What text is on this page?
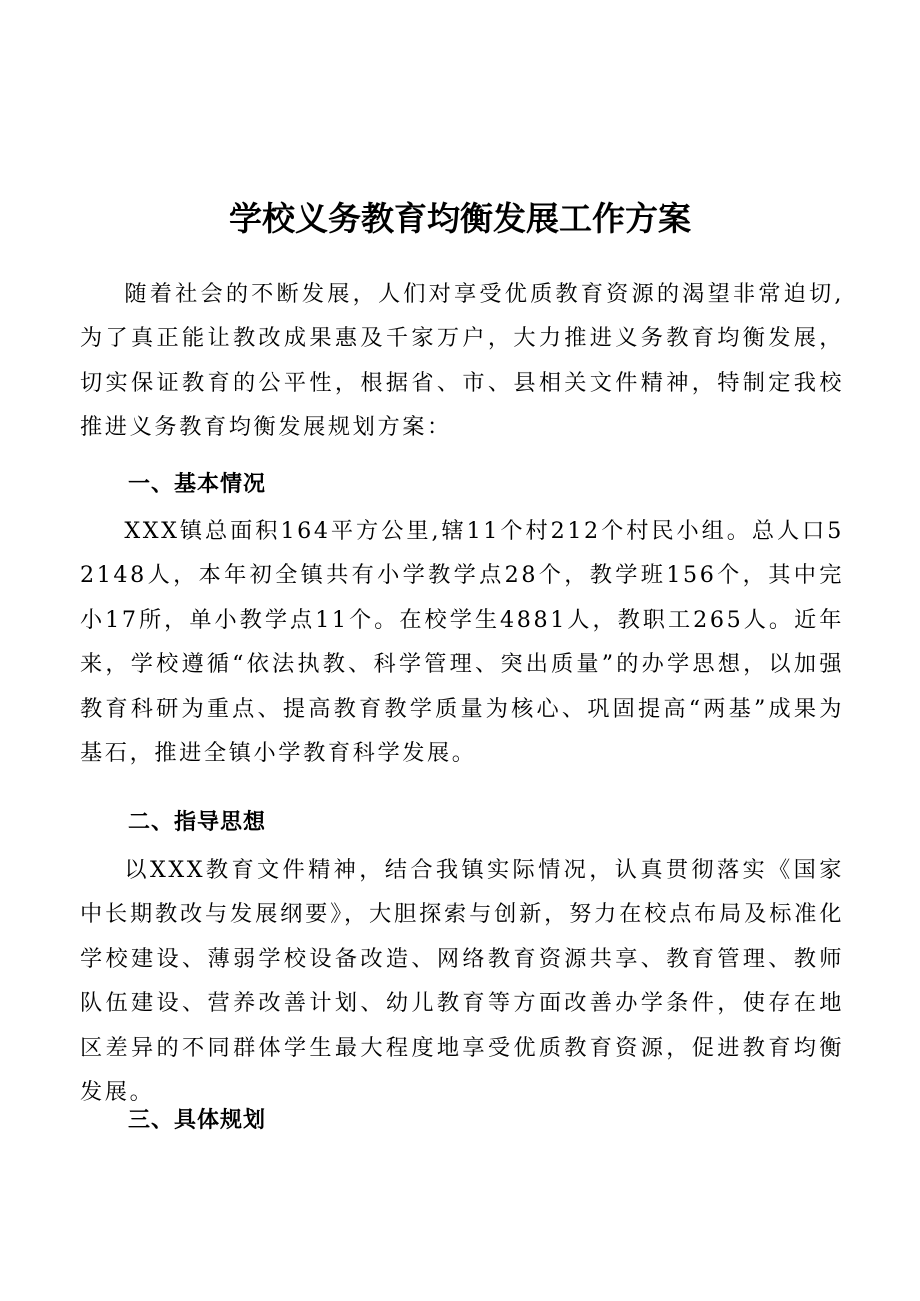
学校义务教育均衡发展工作方案

随着社会的不断发展，人们对享受优质教育资源的渴望非常迫切,为了真正能让教改成果惠及千家万户，大力推进义务教育均衡发展，切实保证教育的公平性，根据省、市、县相关文件精神，特制定我校推进义务教育均衡发展规划方案：

一、基本情况

XXX镇总面积164平方公里,辖11个村212个村民小组。总人口52148人，本年初全镇共有小学教学点28个，教学班156个，其中完小17所，单小教学点11个。在校学生4881人，教职工265人。近年来，学校遵循“依法执教、科学管理、突出质量”的办学思想，以加强教育科研为重点、提高教育教学质量为核心、巩固提高“两基”成果为基石，推进全镇小学教育科学发展。

二、指导思想

以XXX教育文件精神，结合我镇实际情况，认真贯彻落实《国家中长期教改与发展纲要》，大胆探索与创新，努力在校点布局及标准化学校建设、薄弱学校设备改造、网络教育资源共享、教育管理、教师队伍建设、营养改善计划、幼儿教育等方面改善办学条件，使存在地区差异的不同群体学生最大程度地享受优质教育资源，促进教育均衡发展。

三、具体规划
